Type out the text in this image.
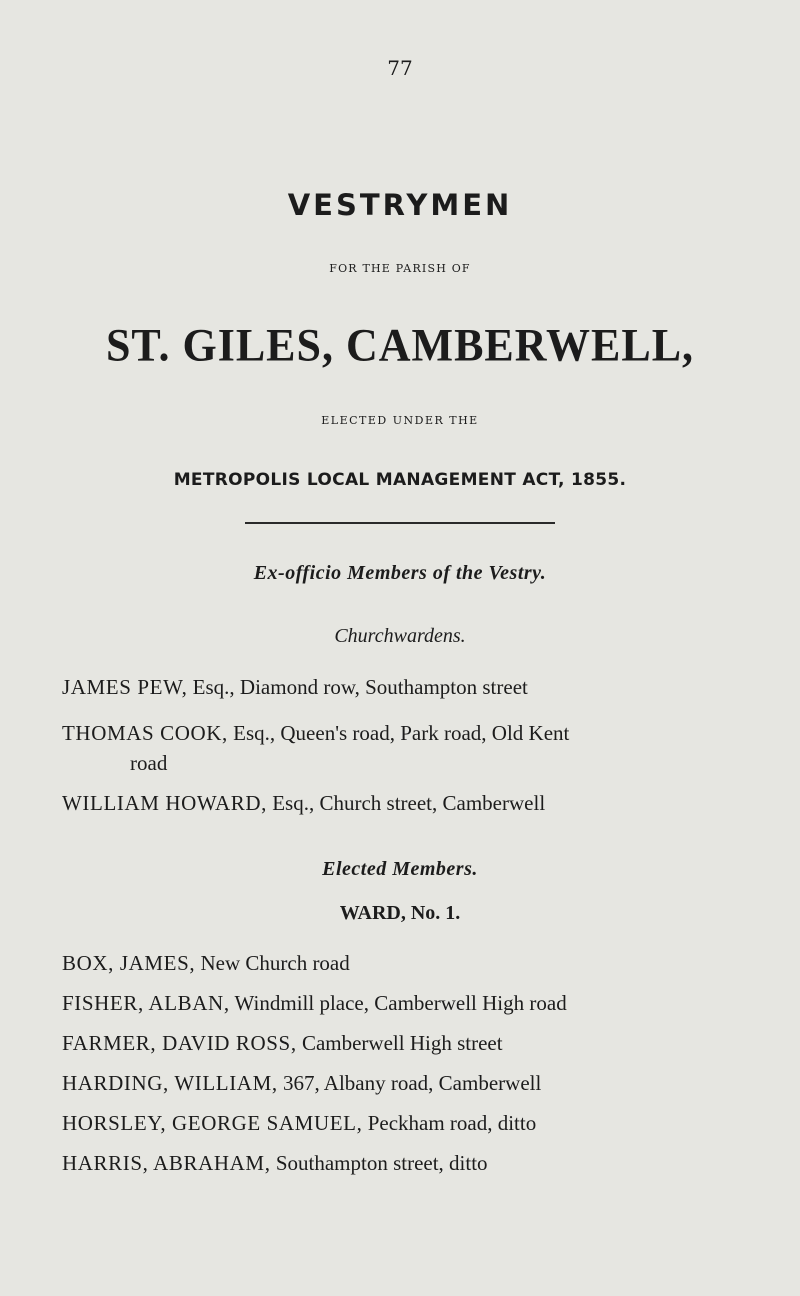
77
VESTRYMEN
FOR THE PARISH OF
ST. GILES, CAMBERWELL,
ELECTED UNDER THE
METROPOLIS LOCAL MANAGEMENT ACT, 1855.
Ex-officio Members of the Vestry.
Churchwardens.
JAMES PEW, Esq., Diamond row, Southampton street
THOMAS COOK, Esq., Queen's road, Park road, Old Kent
road
WILLIAM HOWARD, Esq., Church street, Camberwell
Elected Members.
WARD, No. 1.
BOX, JAMES, New Church road
FISHER, ALBAN, Windmill place, Camberwell High road
FARMER, DAVID ROSS, Camberwell High street
HARDING, WILLIAM, 367, Albany road, Camberwell
HORSLEY, GEORGE SAMUEL, Peckham road, ditto
HARRIS, ABRAHAM, Southampton street, ditto
